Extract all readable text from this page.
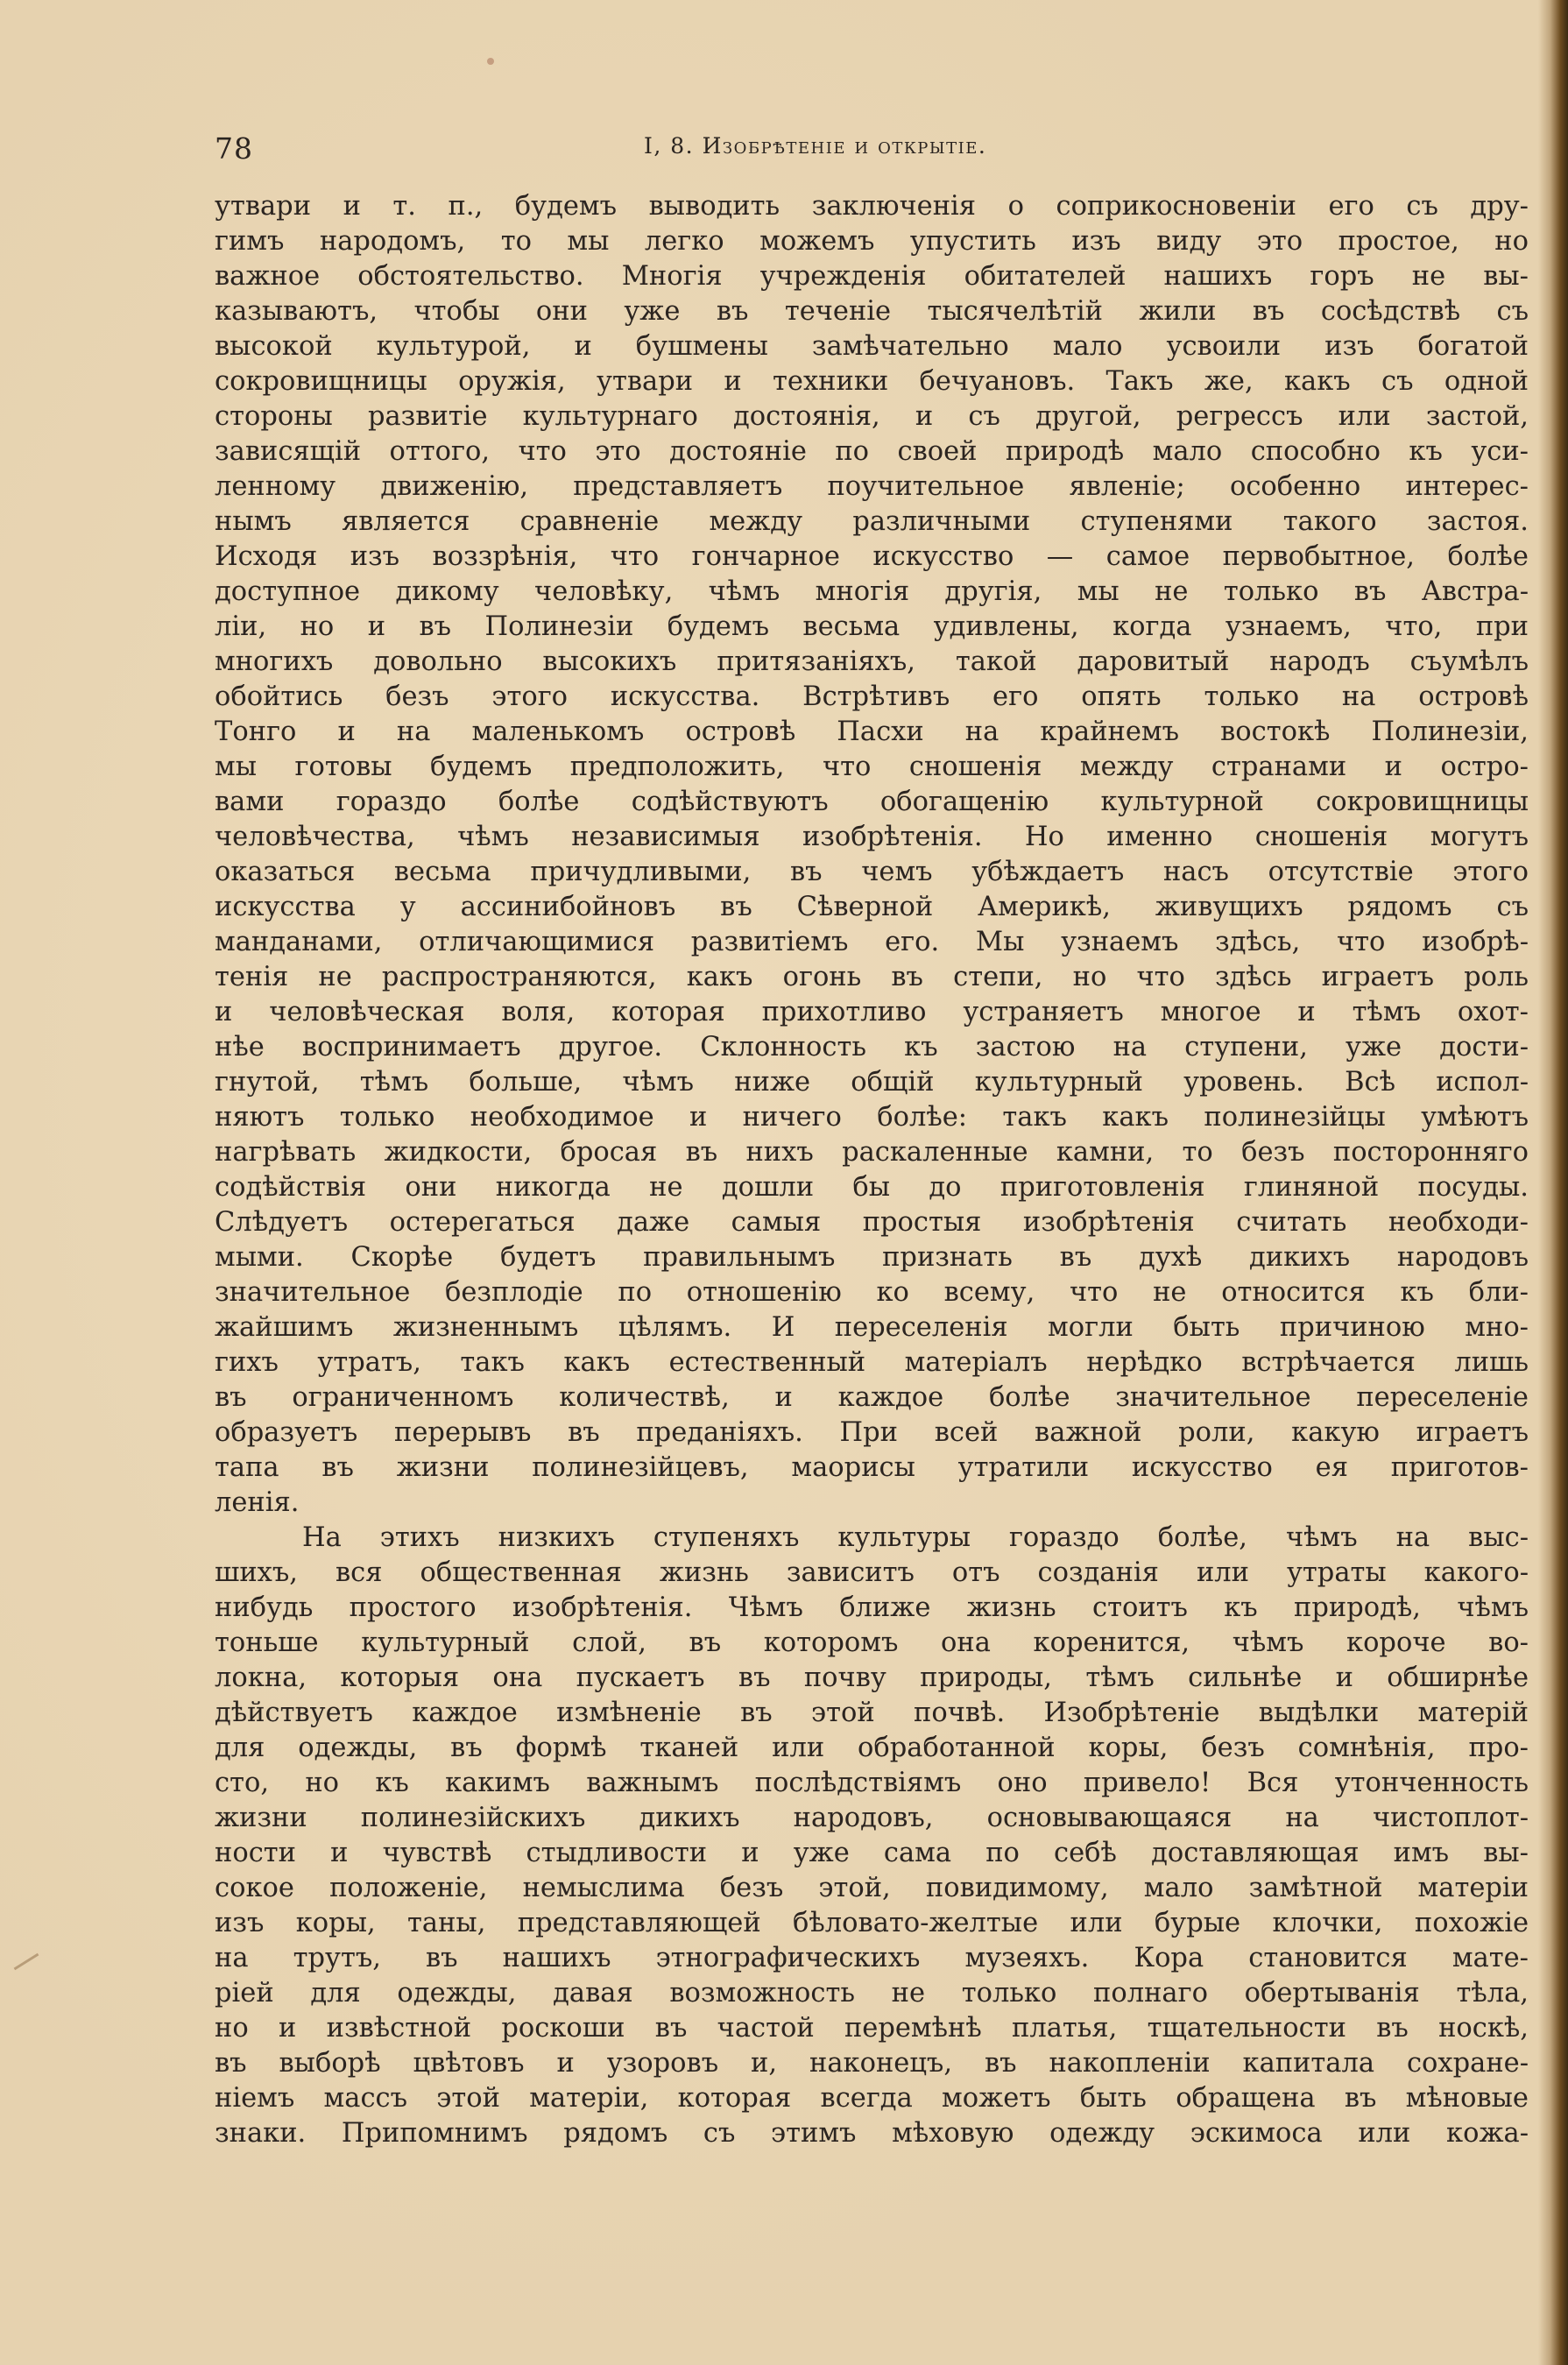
78	I, 8. Изобрѣтеніе и открытіе.
утвари и т. п., будемъ выводить заключенія о соприкосновеніи его съ дру-
гимъ народомъ, то мы легко можемъ упустить изъ виду это простое, но
важное обстоятельство. Многія учрежденія обитателей нашихъ горъ не вы-
казываютъ, чтобы они уже въ теченіе тысячелѣтій жили въ сосѣдствѣ съ
высокой культурой, и бушмены замѣчательно мало усвоили изъ богатой
сокровищницы оружія, утвари и техники бечуановъ. Такъ же, какъ съ одной
стороны развитіе культурнаго достоянія, и съ другой, регрессъ или застой,
зависящій оттого, что это достояніе по своей природѣ мало способно къ уси-
ленному движенію, представляетъ поучительное явленіе; особенно интерес-
нымъ является сравненіе между различными ступенями такого застоя.
Исходя изъ воззрѣнія, что гончарное искусство — самое первобытное, болѣе
доступное дикому человѣку, чѣмъ многія другія, мы не только въ Австра-
ліи, но и въ Полинезіи будемъ весьма удивлены, когда узнаемъ, что, при
многихъ довольно высокихъ притязаніяхъ, такой даровитый народъ съумѣлъ
обойтись безъ этого искусства. Встрѣтивъ его опять только на островѣ
Тонго и на маленькомъ островѣ Пасхи на крайнемъ востокѣ Полинезіи,
мы готовы будемъ предположить, что сношенія между странами и остро-
вами гораздо болѣе содѣйствуютъ обогащенію культурной сокровищницы
человѣчества, чѣмъ независимыя изобрѣтенія. Но именно сношенія могутъ
оказаться весьма причудливыми, въ чемъ убѣждаетъ насъ отсутствіе этого
искусства у ассинибойновъ въ Сѣверной Америкѣ, живущихъ рядомъ съ
манданами, отличающимися развитіемъ его. Мы узнаемъ здѣсь, что изобрѣ-
тенія не распространяются, какъ огонь въ степи, но что здѣсь играетъ роль
и человѣческая воля, которая прихотливо устраняетъ многое и тѣмъ охот-
нѣе воспринимаетъ другое. Склонность къ застою на ступени, уже дости-
гнутой, тѣмъ больше, чѣмъ ниже общій культурный уровень. Всѣ испол-
няютъ только необходимое и ничего болѣе: такъ какъ полинезійцы умѣютъ
нагрѣвать жидкости, бросая въ нихъ раскаленные камни, то безъ посторонняго
содѣйствія они никогда не дошли бы до приготовленія глиняной посуды.
Слѣдуетъ остерегаться даже самыя простыя изобрѣтенія считать необходи-
мыми. Скорѣе будетъ правильнымъ признать въ духѣ дикихъ народовъ
значительное безплодіе по отношенію ко всему, что не относится къ бли-
жайшимъ жизненнымъ цѣлямъ. И переселенія могли быть причиною мно-
гихъ утратъ, такъ какъ естественный матеріалъ нерѣдко встрѣчается лишь
въ ограниченномъ количествѣ, и каждое болѣе значительное переселеніе
образуетъ перерывъ въ преданіяхъ. При всей важной роли, какую играетъ
тапа въ жизни полинезійцевъ, маорисы утратили искусство ея приготов-
ленія.
На этихъ низкихъ ступеняхъ культуры гораздо болѣе, чѣмъ на выс-
шихъ, вся общественная жизнь зависитъ отъ созданія или утраты какого-
нибудь простого изобрѣтенія. Чѣмъ ближе жизнь стоитъ къ природѣ, чѣмъ
тоньше культурный слой, въ которомъ она коренится, чѣмъ короче во-
локна, которыя она пускаетъ въ почву природы, тѣмъ сильнѣе и обширнѣе
дѣйствуетъ каждое измѣненіе въ этой почвѣ. Изобрѣтеніе выдѣлки матерій
для одежды, въ формѣ тканей или обработанной коры, безъ сомнѣнія, про-
сто, но къ какимъ важнымъ послѣдствіямъ оно привело! Вся утонченность
жизни полинезійскихъ дикихъ народовъ, основывающаяся на чистоплот-
ности и чувствѣ стыдливости и уже сама по себѣ доставляющая имъ вы-
сокое положеніе, немыслима безъ этой, повидимому, мало замѣтной матеріи
изъ коры, таны, представляющей бѣловато-желтые или бурые клочки, похожіе
на трутъ, въ нашихъ этнографическихъ музеяхъ. Кора становится мате-
ріей для одежды, давая возможность не только полнаго обертыванія тѣла,
но и извѣстной роскоши въ частой перемѣнѣ платья, тщательности въ носкѣ,
въ выборѣ цвѣтовъ и узоровъ и, наконецъ, въ накопленіи капитала сохране-
ніемъ массъ этой матеріи, которая всегда можетъ быть обращена въ мѣновые
знаки. Припомнимъ рядомъ съ этимъ мѣховую одежду эскимоса или кожа-
